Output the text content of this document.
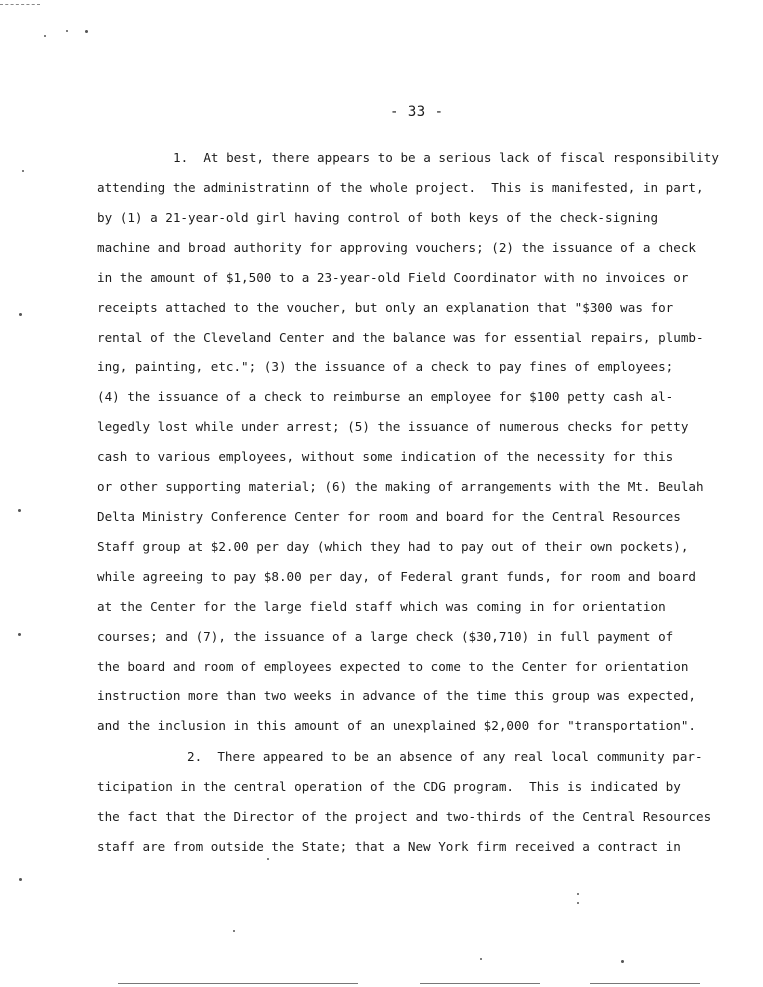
- 33 -
1.  At best, there appears to be a serious lack of fiscal responsibility
attending the administratinn of the whole project.  This is manifested, in part,
by (1) a 21-year-old girl having control of both keys of the check-signing
machine and broad authority for approving vouchers; (2) the issuance of a check
in the amount of $1,500 to a 23-year-old Field Coordinator with no invoices or
receipts attached to the voucher, but only an explanation that "$300 was for
rental of the Cleveland Center and the balance was for essential repairs, plumb-
ing, painting, etc."; (3) the issuance of a check to pay fines of employees;
(4) the issuance of a check to reimburse an employee for $100 petty cash al-
legedly lost while under arrest; (5) the issuance of numerous checks for petty
cash to various employees, without some indication of the necessity for this
or other supporting material; (6) the making of arrangements with the Mt. Beulah
Delta Ministry Conference Center for room and board for the Central Resources
Staff group at $2.00 per day (which they had to pay out of their own pockets),
while agreeing to pay $8.00 per day, of Federal grant funds, for room and board
at the Center for the large field staff which was coming in for orientation
courses; and (7), the issuance of a large check ($30,710) in full payment of
the board and room of employees expected to come to the Center for orientation
instruction more than two weeks in advance of the time this group was expected,
and the inclusion in this amount of an unexplained $2,000 for "transportation".
2.  There appeared to be an absence of any real local community par-
ticipation in the central operation of the CDG program.  This is indicated by
the fact that the Director of the project and two-thirds of the Central Resources
staff are from outside the State; that a New York firm received a contract in
